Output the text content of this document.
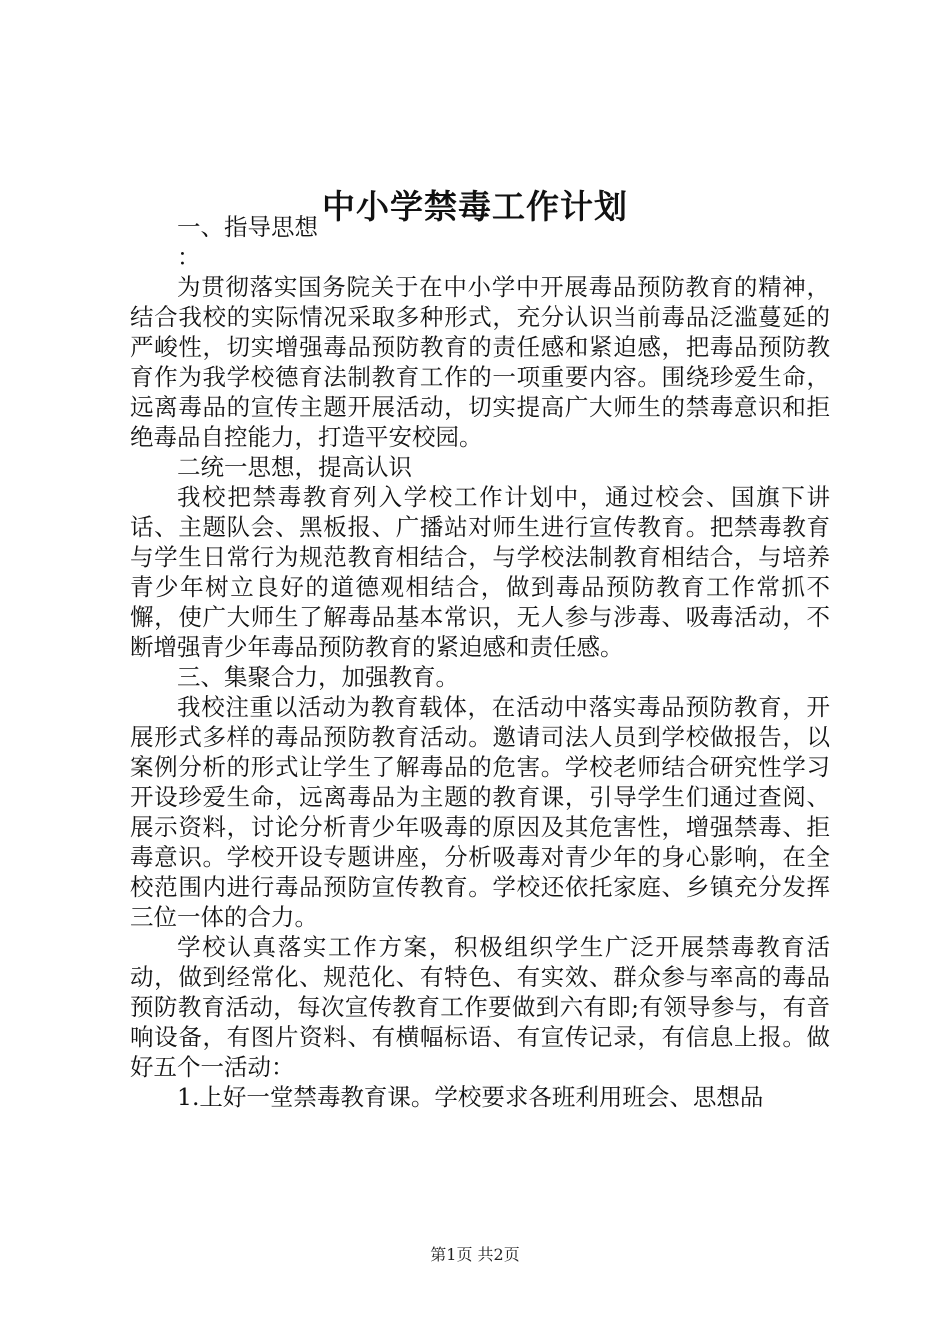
中小学禁毒工作计划

一、指导思想

：

为贯彻落实国务院关于在中小学中开展毒品预防教育的精神，结合我校的实际情况采取多种形式，充分认识当前毒品泛滥蔓延的严峻性，切实增强毒品预防教育的责任感和紧迫感，把毒品预防教育作为我学校德育法制教育工作的一项重要内容。围绕珍爱生命，远离毒品的宣传主题开展活动，切实提高广大师生的禁毒意识和拒绝毒品自控能力，打造平安校园。

二统一思想，提高认识

我校把禁毒教育列入学校工作计划中，通过校会、国旗下讲话、主题队会、黑板报、广播站对师生进行宣传教育。把禁毒教育与学生日常行为规范教育相结合，与学校法制教育相结合，与培养青少年树立良好的道德观相结合，做到毒品预防教育工作常抓不懈，使广大师生了解毒品基本常识，无人参与涉毒、吸毒活动，不断增强青少年毒品预防教育的紧迫感和责任感。

三、集聚合力，加强教育。

我校注重以活动为教育载体，在活动中落实毒品预防教育，开展形式多样的毒品预防教育活动。邀请司法人员到学校做报告，以案例分析的形式让学生了解毒品的危害。学校老师结合研究性学习开设珍爱生命，远离毒品为主题的教育课，引导学生们通过查阅、展示资料，讨论分析青少年吸毒的原因及其危害性，增强禁毒、拒毒意识。学校开设专题讲座，分析吸毒对青少年的身心影响，在全校范围内进行毒品预防宣传教育。学校还依托家庭、乡镇充分发挥三位一体的合力。

学校认真落实工作方案，积极组织学生广泛开展禁毒教育活动，做到经常化、规范化、有特色、有实效、群众参与率高的毒品预防教育活动，每次宣传教育工作要做到六有即;有领导参与，有音响设备，有图片资料、有横幅标语、有宣传记录，有信息上报。做好五个一活动：

1.上好一堂禁毒教育课。学校要求各班利用班会、思想品

第1页 共2页
